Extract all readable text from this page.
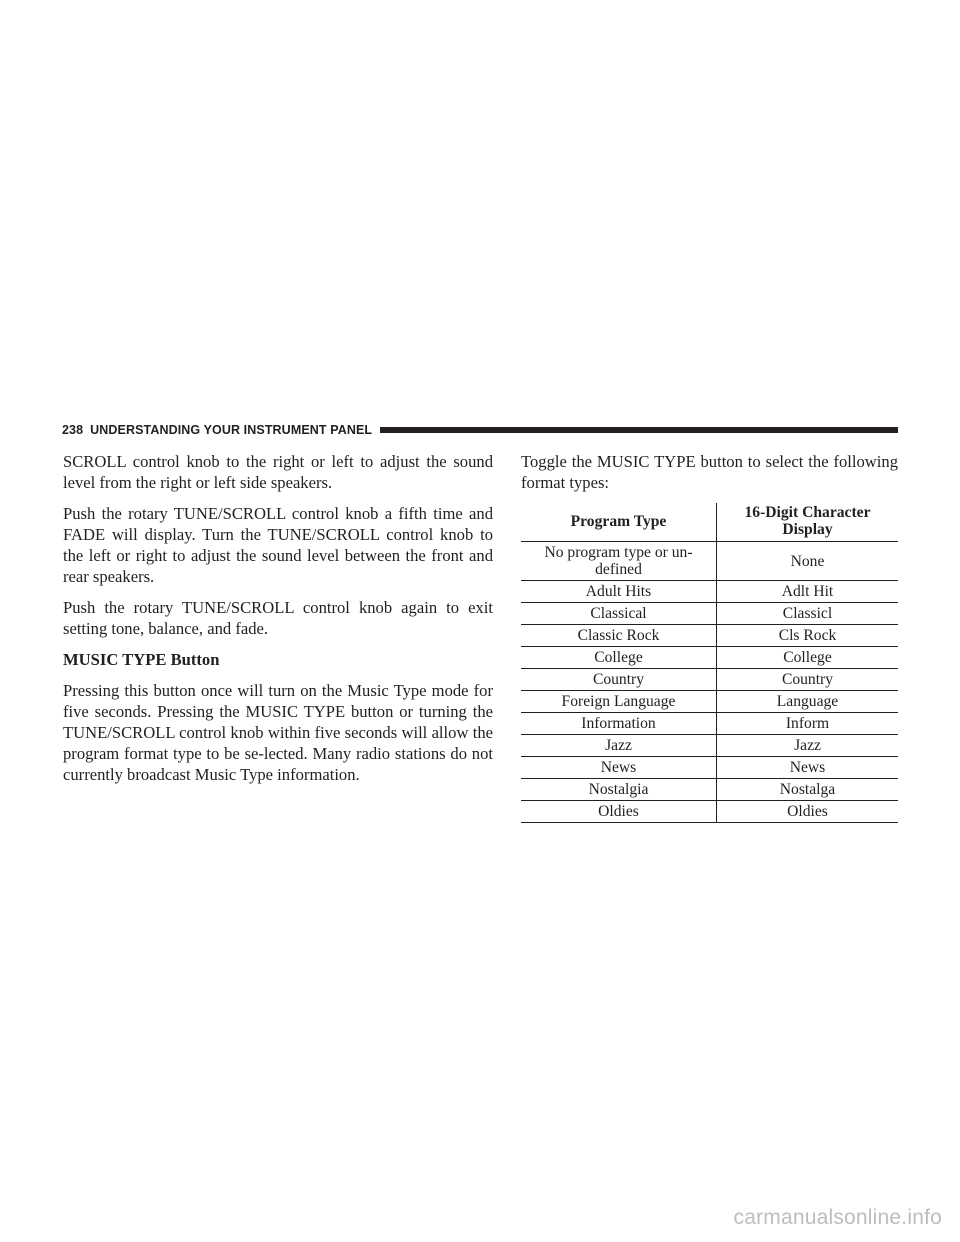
238 UNDERSTANDING YOUR INSTRUMENT PANEL

SCROLL control knob to the right or left to adjust the sound level from the right or left side speakers.

Push the rotary TUNE/SCROLL control knob a fifth time and FADE will display. Turn the TUNE/SCROLL control knob to the left or right to adjust the sound level between the front and rear speakers.

Push the rotary TUNE/SCROLL control knob again to exit setting tone, balance, and fade.

MUSIC TYPE Button

Pressing this button once will turn on the Music Type mode for five seconds. Pressing the MUSIC TYPE button or turning the TUNE/SCROLL control knob within five seconds will allow the program format type to be se-lected. Many radio stations do not currently broadcast Music Type information.

Toggle the MUSIC TYPE button to select the following format types:

Program Type	16-Digit Character Display
No program type or un-defined	None
Adult Hits	Adlt Hit
Classical	Classicl
Classic Rock	Cls Rock
College	College
Country	Country
Foreign Language	Language
Information	Inform
Jazz	Jazz
News	News
Nostalgia	Nostalga
Oldies	Oldies
carmanualsonline.info
